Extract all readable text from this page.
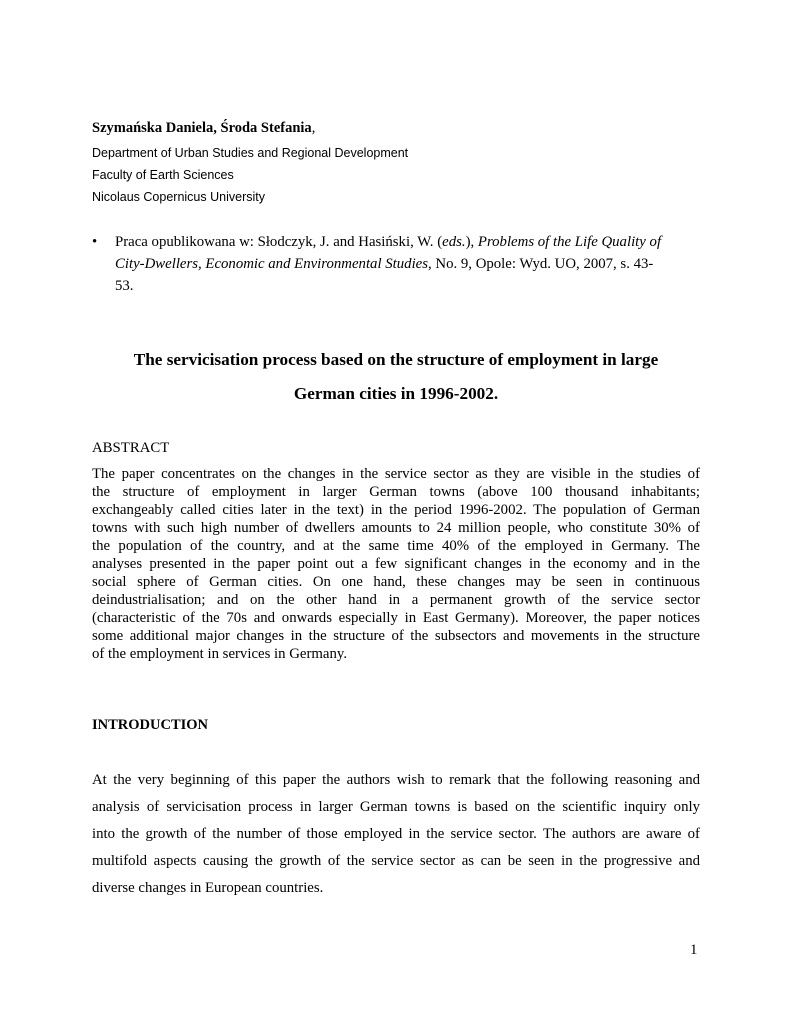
Szymańska Daniela, Środa Stefania,
Department of Urban Studies and Regional Development
Faculty of Earth Sciences
Nicolaus Copernicus University
• Praca opublikowana w: Słodczyk, J. and Hasiński, W. (eds.), Problems of the Life Quality of
City-Dwellers, Economic and Environmental Studies, No. 9, Opole: Wyd. UO, 2007, s. 43-
53.
The servicisation process based on the structure of employment in large
German cities in 1996-2002.
ABSTRACT
The paper concentrates on the changes in the service sector as they are visible in the studies of
the structure of employment in larger German towns (above 100 thousand inhabitants;
exchangeably called cities later in the text) in the period 1996-2002. The population of German
towns with such high number of dwellers amounts to 24 million people, who constitute 30% of
the population of the country, and at the same time 40% of the employed in Germany. The
analyses presented in the paper point out a few significant changes in the economy and in the
social sphere of German cities. On one hand, these changes may be seen in continuous
deindustrialisation; and on the other hand in a permanent growth of the service sector
(characteristic of the 70s and onwards especially in East Germany). Moreover, the paper notices
some additional major changes in the structure of the subsectors and movements in the structure
of the employment in services in Germany.
INTRODUCTION
At the very beginning of this paper the authors wish to remark that the following reasoning and
analysis of servicisation process in larger German towns is based on the scientific inquiry only
into the growth of the number of those employed in the service sector. The authors are aware of
multifold aspects causing the growth of the service sector as can be seen in the progressive and
diverse changes in European countries.
1
